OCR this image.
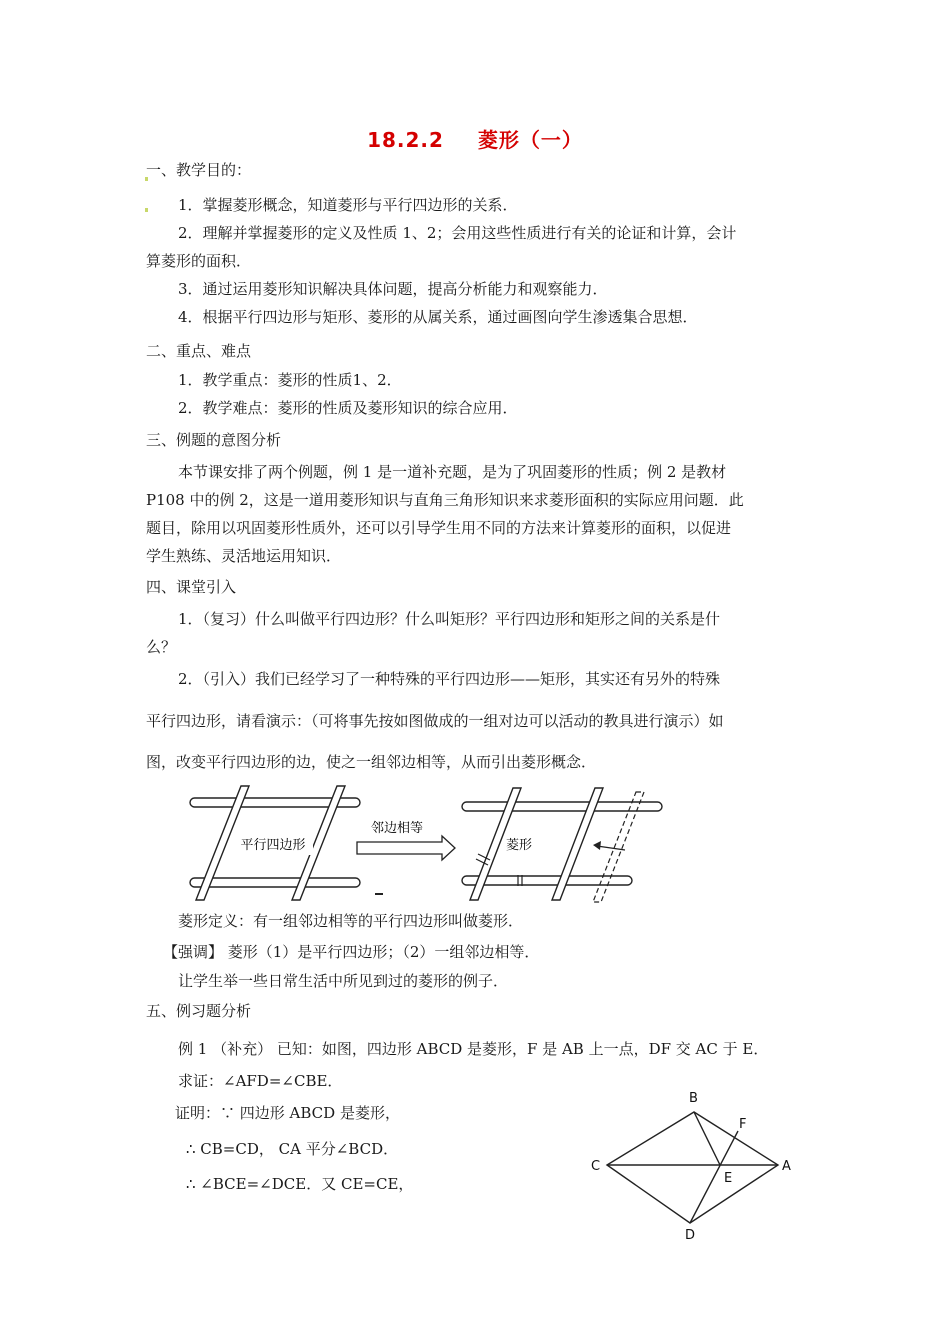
18.2.2 菱形（一）
一、教学目的：
1．掌握菱形概念，知道菱形与平行四边形的关系．
2．理解并掌握菱形的定义及性质 1、2；会用这些性质进行有关的论证和计算，会计
算菱形的面积．
3．通过运用菱形知识解决具体问题，提高分析能力和观察能力．
4．根据平行四边形与矩形、菱形的从属关系，通过画图向学生渗透集合思想．
二、重点、难点
1．教学重点：菱形的性质1、2．
2．教学难点：菱形的性质及菱形知识的综合应用．
三、例题的意图分析
本节课安排了两个例题，例 1 是一道补充题，是为了巩固菱形的性质；例 2 是教材
P108 中的例 2，这是一道用菱形知识与直角三角形知识来求菱形面积的实际应用问题．此
题目，除用以巩固菱形性质外，还可以引导学生用不同的方法来计算菱形的面积，以促进
学生熟练、灵活地运用知识．
四、课堂引入
1．（复习）什么叫做平行四边形？什么叫矩形？平行四边形和矩形之间的关系是什
么？
2．（引入）我们已经学习了一种特殊的平行四边形——矩形，其实还有另外的特殊
平行四边形，请看演示：（可将事先按如图做成的一组对边可以活动的教具进行演示）如
图，改变平行四边形的边，使之一组邻边相等，从而引出菱形概念．
平行四边形
邻边相等
菱形
菱形定义：有一组邻边相等的平行四边形叫做菱形．
【强调】 菱形（1）是平行四边形；（2）一组邻边相等．
让学生举一些日常生活中所见到过的菱形的例子．
五、例习题分析
例 1 （补充） 已知：如图，四边形 ABCD 是菱形，F 是 AB 上一点，DF 交 AC 于 E．
求证：∠AFD=∠CBE．
证明：∵ 四边形 ABCD 是菱形，
∴ CB=CD， CA 平分∠BCD．
∴ ∠BCE=∠DCE．又 CE=CE，
B
F
C
E
A
D
